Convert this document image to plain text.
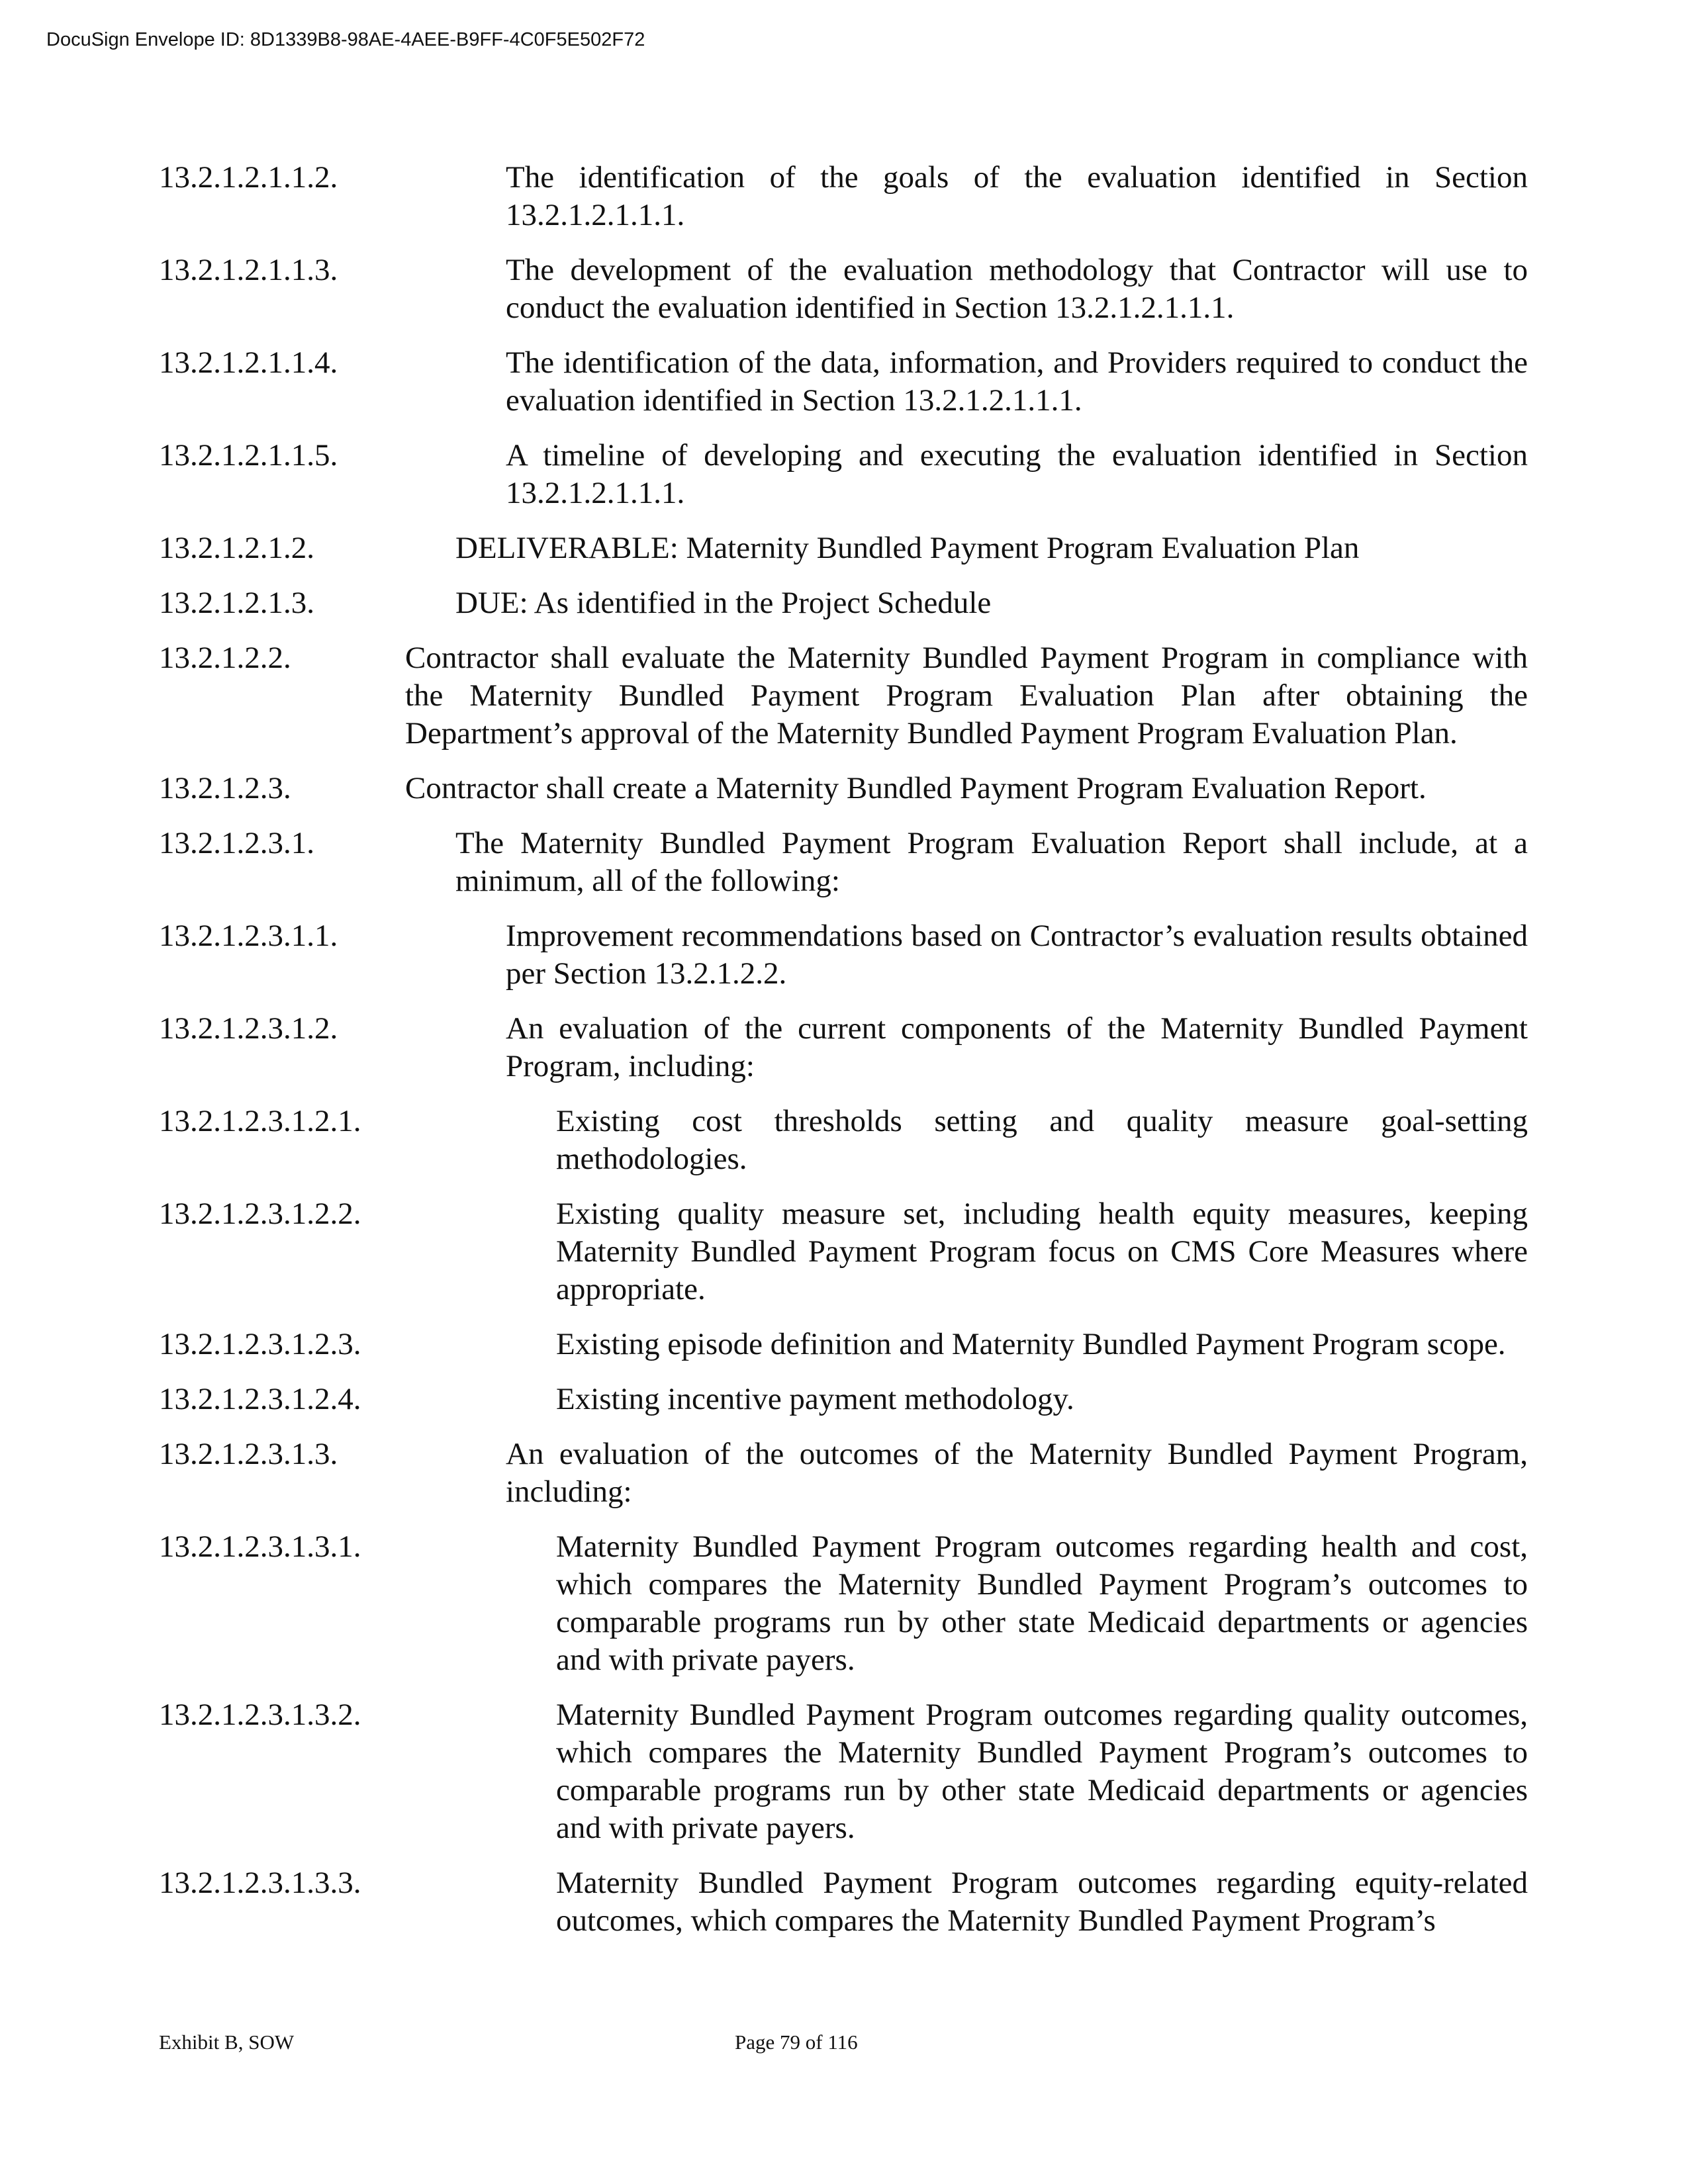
DocuSign Envelope ID: 8D1339B8-98AE-4AEE-B9FF-4C0F5E502F72
13.2.1.2.1.1.2.	The identification of the goals of the evaluation identified in Section 13.2.1.2.1.1.1.
13.2.1.2.1.1.3.	The development of the evaluation methodology that Contractor will use to conduct the evaluation identified in Section 13.2.1.2.1.1.1.
13.2.1.2.1.1.4.	The identification of the data, information, and Providers required to conduct the evaluation identified in Section 13.2.1.2.1.1.1.
13.2.1.2.1.1.5.	A timeline of developing and executing the evaluation identified in Section 13.2.1.2.1.1.1.
13.2.1.2.1.2.	DELIVERABLE: Maternity Bundled Payment Program Evaluation Plan
13.2.1.2.1.3.	DUE: As identified in the Project Schedule
13.2.1.2.2.	Contractor shall evaluate the Maternity Bundled Payment Program in compliance with the Maternity Bundled Payment Program Evaluation Plan after obtaining the Department’s approval of the Maternity Bundled Payment Program Evaluation Plan.
13.2.1.2.3.	Contractor shall create a Maternity Bundled Payment Program Evaluation Report.
13.2.1.2.3.1.	The Maternity Bundled Payment Program Evaluation Report shall include, at a minimum, all of the following:
13.2.1.2.3.1.1.	Improvement recommendations based on Contractor’s evaluation results obtained per Section 13.2.1.2.2.
13.2.1.2.3.1.2.	An evaluation of the current components of the Maternity Bundled Payment Program, including:
13.2.1.2.3.1.2.1.	Existing cost thresholds setting and quality measure goal-setting methodologies.
13.2.1.2.3.1.2.2.	Existing quality measure set, including health equity measures, keeping Maternity Bundled Payment Program focus on CMS Core Measures where appropriate.
13.2.1.2.3.1.2.3.	Existing episode definition and Maternity Bundled Payment Program scope.
13.2.1.2.3.1.2.4.	Existing incentive payment methodology.
13.2.1.2.3.1.3.	An evaluation of the outcomes of the Maternity Bundled Payment Program, including:
13.2.1.2.3.1.3.1.	Maternity Bundled Payment Program outcomes regarding health and cost, which compares the Maternity Bundled Payment Program’s outcomes to comparable programs run by other state Medicaid departments or agencies and with private payers.
13.2.1.2.3.1.3.2.	Maternity Bundled Payment Program outcomes regarding quality outcomes, which compares the Maternity Bundled Payment Program’s outcomes to comparable programs run by other state Medicaid departments or agencies and with private payers.
13.2.1.2.3.1.3.3.	Maternity Bundled Payment Program outcomes regarding equity-related outcomes, which compares the Maternity Bundled Payment Program’s
Exhibit B, SOW	Page 79 of 116
